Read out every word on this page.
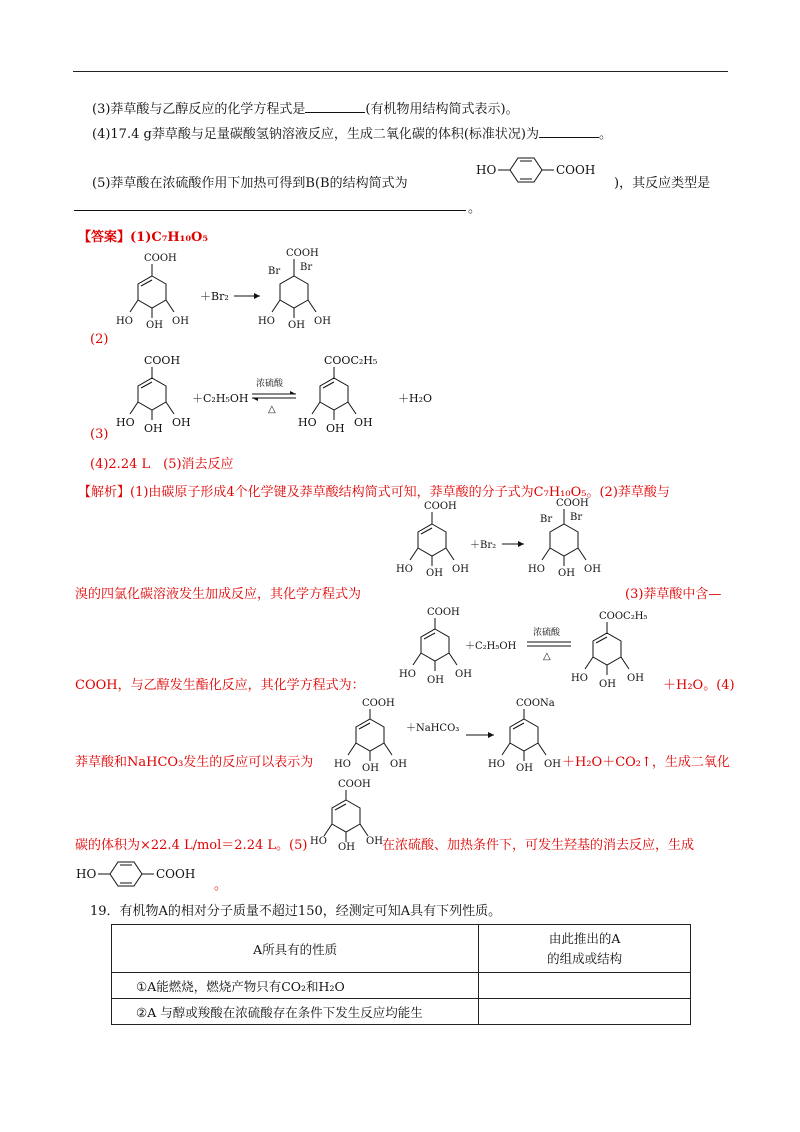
(3)莽草酸与乙醇反应的化学方程式是	(有机物用结构简式表示)。
(4)17.4 g莽草酸与足量碳酸氢钠溶液反应，生成二氧化碳的体积(标准状况)为	。
(5)莽草酸在浓硫酸作用下加热可得到B(B的结构简式为
HO	COOH
)，其反应类型是
。
【答案】(1)C₇H₁₀O₅
COOH
HO OH OH
＋Br₂
COOH
Br Br
HO OH OH
(2)
COOH
HO OH OH
＋C₂H₅OH
浓硫酸
△
COOC₂H₅
HO OH OH
＋H₂O
(3)
(4)2.24 L　(5)消去反应
【解析】(1)由碳原子形成4个化学键及莽草酸结构简式可知，莽草酸的分子式为C₇H₁₀O₅。(2)莽草酸与
COOH
HO OH OH
＋Br₂
COOH
Br Br
HO OH OH
溴的四氯化碳溶液发生加成反应，其化学方程式为	(3)莽草酸中含—
COOH
HO
OH
OH
＋C₂H₅OH
浓硫酸
△
COOC₂H₅
HO
OH
OH
COOH，与乙醇发生酯化反应，其化学方程式为：	＋H₂O。(4)
COOH
HO OH OH
＋NaHCO₃
COONa
HO OH OH
莽草酸和NaHCO₃发生的反应可以表示为	＋H₂O＋CO₂↑，生成二氧化
COOH
HO
OH
OH
碳的体积为×22.4 L/mol＝2.24 L。(5)	在浓硫酸、加热条件下，可发生羟基的消去反应，生成
HO	COOH
。
19．有机物A的相对分子质量不超过150，经测定可知A具有下列性质。
A所具有的性质	由此推出的A
的组成或结构
①A能燃烧，燃烧产物只有CO₂和H₂O	
②A 与醇或羧酸在浓硫酸存在条件下发生反应均能生	
